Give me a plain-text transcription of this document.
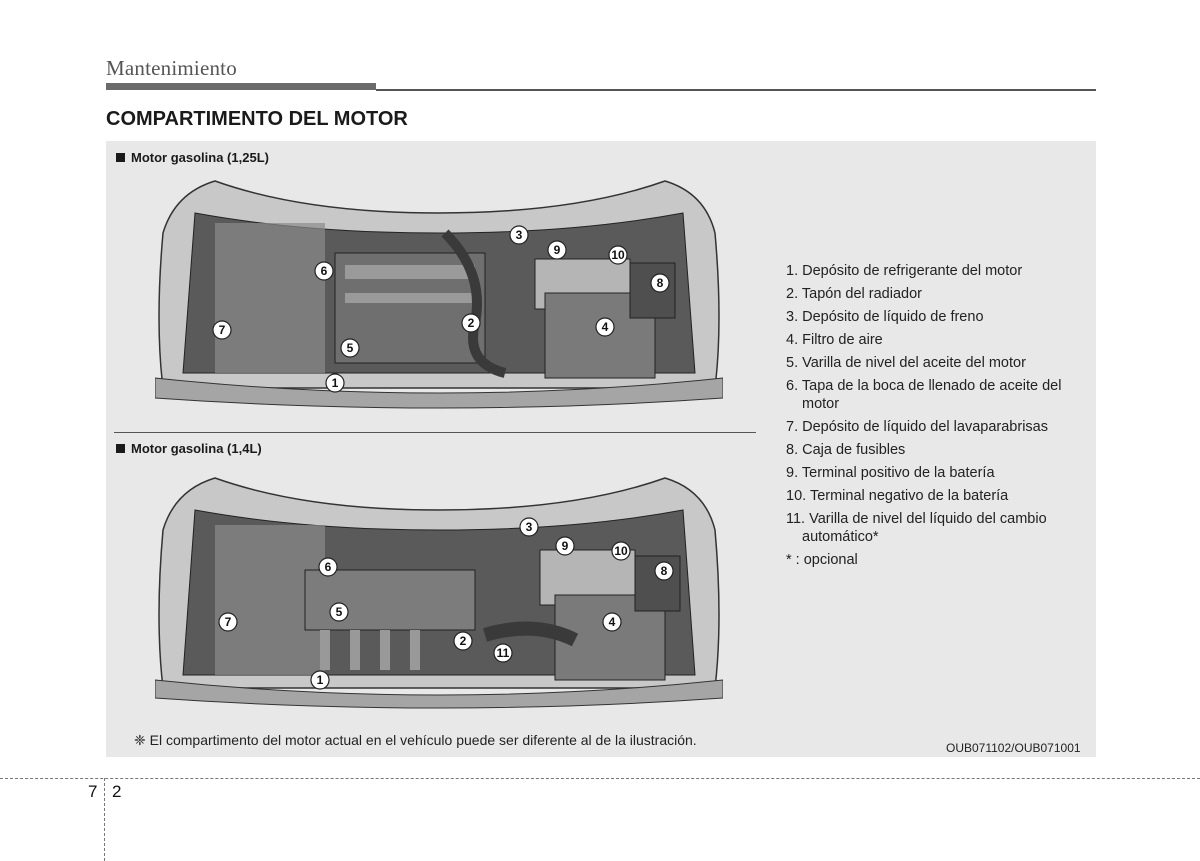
Mantenimiento
COMPARTIMENTO DEL MOTOR
Motor gasolina (1,25L)
1
2
3
4
5
6
7
8
9	10
Motor gasolina (1,4L)
1
2
3
4
5
6
7
8
9	10
11
1. Depósito de refrigerante del motor
2. Tapón del radiador
3. Depósito de líquido de freno
4. Filtro de aire
5. Varilla de nivel del aceite del motor
6. Tapa de la boca de llenado de aceite del
motor
7. Depósito de líquido del lavaparabrisas
8. Caja de fusibles
9. Terminal positivo de la batería
10. Terminal negativo de la batería
11. Varilla de nivel del líquido del cambio
automático*
* : opcional
❈ El compartimento del motor actual en el vehículo puede ser diferente al de la ilustración.	OUB071102/OUB071001
7 2
